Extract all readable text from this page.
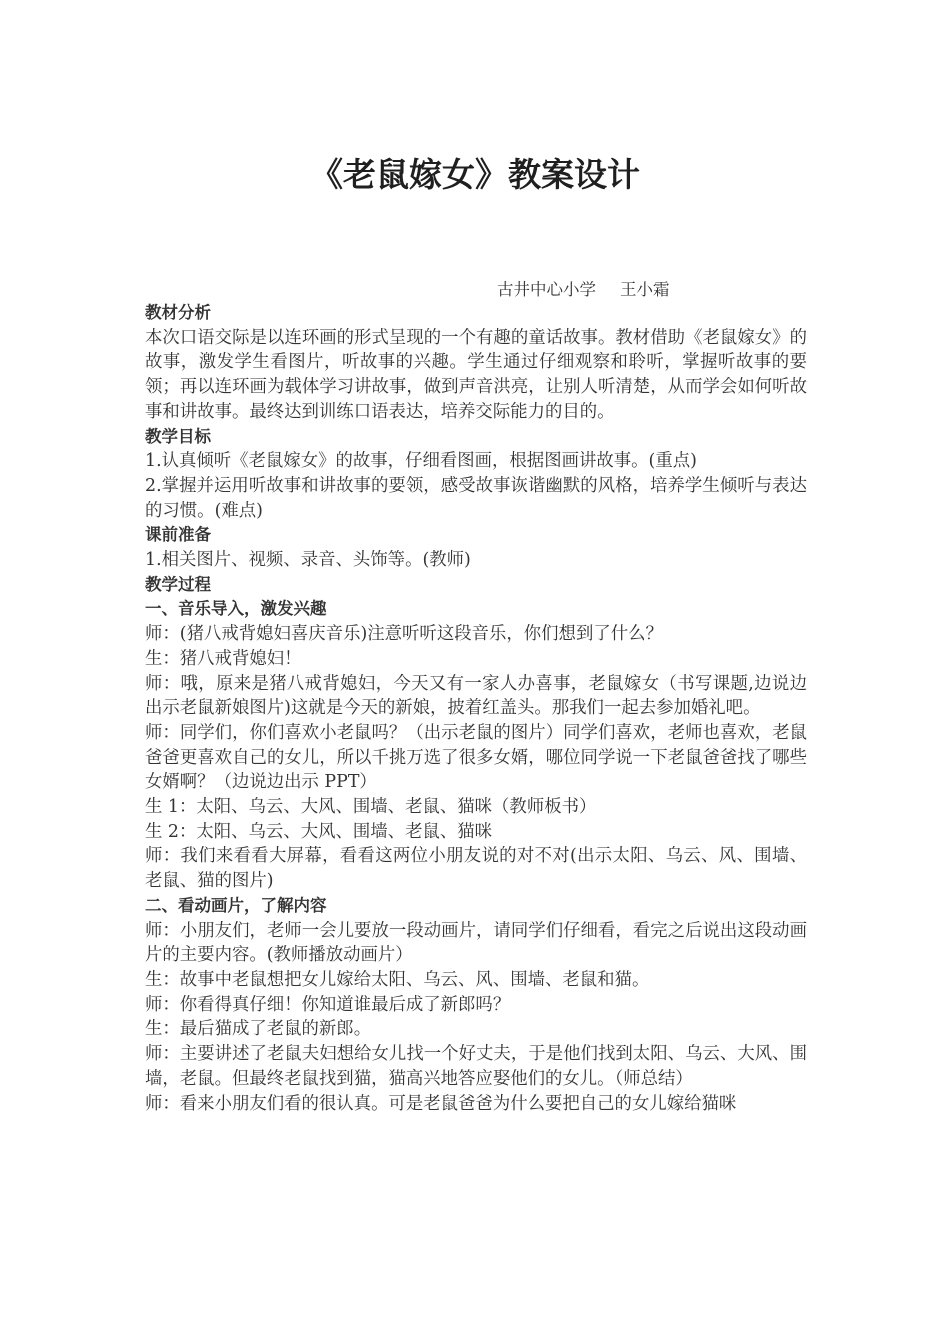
《老鼠嫁女》教案设计
古井中心小学 王小霜

教材分析

本次口语交际是以连环画的形式呈现的一个有趣的童话故事。教材借助《老鼠嫁女》的故事，激发学生看图片，听故事的兴趣。学生通过仔细观察和聆听，掌握听故事的要领；再以连环画为载体学习讲故事，做到声音洪亮，让别人听清楚，从而学会如何听故事和讲故事。最终达到训练口语表达，培养交际能力的目的。

教学目标

1.认真倾听《老鼠嫁女》的故事，仔细看图画，根据图画讲故事。(重点)

2.掌握并运用听故事和讲故事的要领，感受故事诙谐幽默的风格，培养学生倾听与表达的习惯。(难点)

课前准备

1.相关图片、视频、录音、头饰等。(教师)

教学过程

一、音乐导入，激发兴趣

师：(猪八戒背媳妇喜庆音乐)注意听听这段音乐，你们想到了什么？

生：猪八戒背媳妇！

师：哦，原来是猪八戒背媳妇，今天又有一家人办喜事，老鼠嫁女（书写课题,边说边出示老鼠新娘图片)这就是今天的新娘，披着红盖头。那我们一起去参加婚礼吧。

师：同学们，你们喜欢小老鼠吗？（出示老鼠的图片）同学们喜欢，老师也喜欢，老鼠爸爸更喜欢自己的女儿，所以千挑万选了很多女婿，哪位同学说一下老鼠爸爸找了哪些女婿啊？（边说边出示 PPT）

生 1：太阳、乌云、大风、围墙、老鼠、猫咪（教师板书）

生 2：太阳、乌云、大风、围墙、老鼠、猫咪

师：我们来看看大屏幕，看看这两位小朋友说的对不对(出示太阳、乌云、风、围墙、老鼠、猫的图片)

二、看动画片，了解内容

师：小朋友们，老师一会儿要放一段动画片，请同学们仔细看，看完之后说出这段动画片的主要内容。(教师播放动画片）

生：故事中老鼠想把女儿嫁给太阳、乌云、风、围墙、老鼠和猫。

师：你看得真仔细！你知道谁最后成了新郎吗？

生：最后猫成了老鼠的新郎。

师：主要讲述了老鼠夫妇想给女儿找一个好丈夫，于是他们找到太阳、乌云、大风、围墙，老鼠。但最终老鼠找到猫，猫高兴地答应娶他们的女儿。（师总结）

师：看来小朋友们看的很认真。可是老鼠爸爸为什么要把自己的女儿嫁给猫咪
